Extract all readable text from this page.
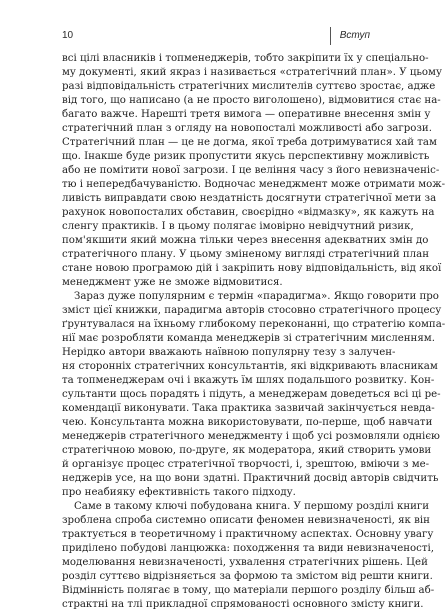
10	Вступ
всі цілі власників і топменеджерів, тобто закріпити їх у спеціально-
му документі, який якраз і називається «стратегічний план». У цьому
разі відповідальність стратегічних мислителів суттєво зростає, адже
від того, що написано (а не просто виголошено), відмовитися стає на-
багато важче. Нарешті третя вимога — оперативне внесення змін у
стратегічний план з огляду на новопосталі можливості або загрози.
Стратегічний план — це не догма, якої треба дотримуватися хай там
що. Інакше буде ризик пропустити якусь перспективну можливість
або не помітити нової загрози. І це веління часу з його невизначеніс-
тю і непередбачуваністю. Водночас менеджмент може отримати мож-
ливість виправдати свою нездатність досягнути стратегічної мети за
рахунок новопосталих обставин, своєрідно «відмазку», як кажуть на
сленгу практиків. І в цьому полягає імовірно невідчутний ризик,
пом'якшити який можна тільки через внесення адекватних змін до
стратегічного плану. У цьому зміненому вигляді стратегічний план
стане новою програмою дій і закріпить нову відповідальність, від якої
менеджмент уже не зможе відмовитися.
Зараз дуже популярним є термін «парадигма». Якщо говорити про
зміст цієї книжки, парадигма авторів стосовно стратегічного процесу
ґрунтувалася на їхньому глибокому переконанні, що стратегію компа-
нії має розробляти команда менеджерів зі стратегічним мисленням.
Нерідко автори вважають наївною популярну тезу з залучен-
ня сторонніх стратегічних консультантів, які відкривають власникам
та топменеджерам очі і вкажуть їм шлях подальшого розвитку. Кон-
сультанти щось порадять і підуть, а менеджерам доведеться всі ці ре-
комендації виконувати. Така практика зазвичай закінчується невда-
чею. Консультанта можна використовувати, по-перше, щоб навчати
менеджерів стратегічного менеджменту і щоб усі розмовляли однією
стратегічною мовою, по-друге, як модератора, який створить умови
й організує процес стратегічної творчості, і, зрештою, вміючи з ме-
неджерів усе, на що вони здатні. Практичний досвід авторів свідчить
про неабияку ефективність такого підходу.
Саме в такому ключі побудована книга. У першому розділі книги
зроблена спроба системно описати феномен невизначеності, як він
трактується в теоретичному і практичному аспектах. Основну увагу
приділено побудові ланцюжка: походження та види невизначеності,
моделювання невизначеності, ухвалення стратегічних рішень. Цей
розділ суттєво відрізняється за формою та змістом від решти книги.
Відмінність полягає в тому, що матеріали першого розділу більш аб-
страктні на тлі прикладної спрямованості основного змісту книги.
